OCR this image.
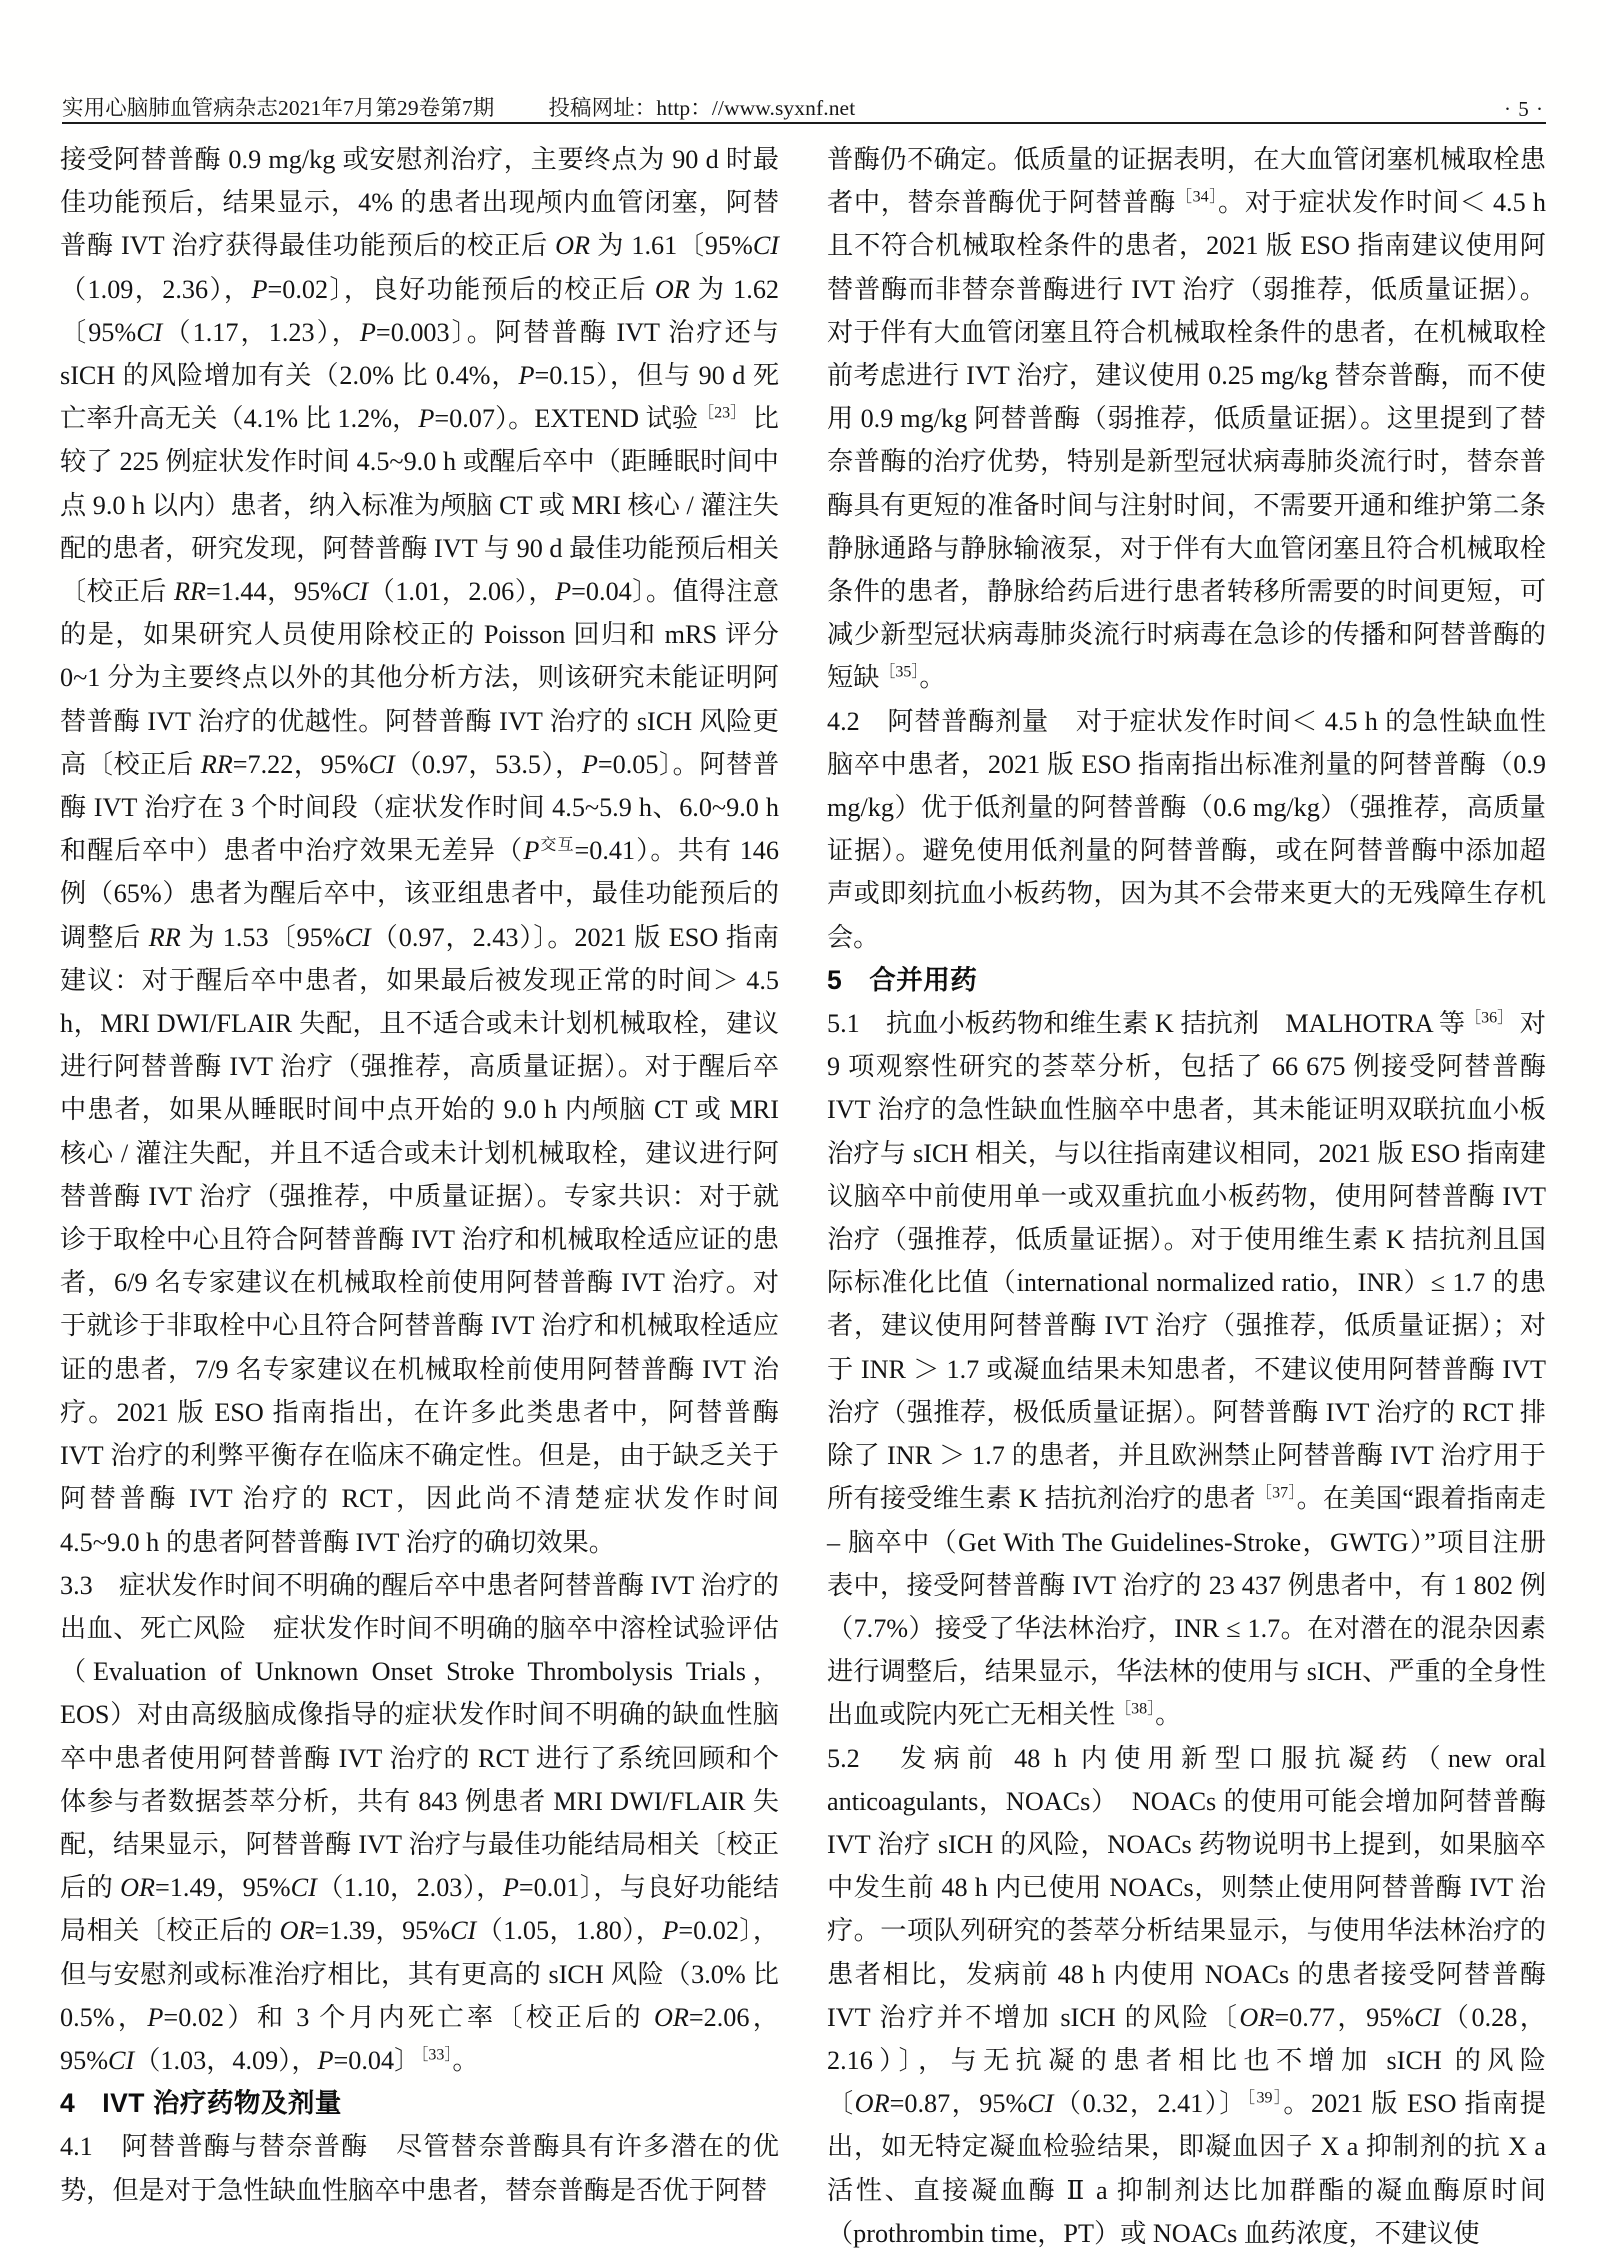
实用心脑肺血管病杂志2021年7月第29卷第7期	投稿网址：http：//www.syxnf.net	· 5 ·

接受阿替普酶 0.9 mg/kg 或安慰剂治疗，主要终点为 90 d 时最佳功能预后，结果显示，4% 的患者出现颅内血管闭塞，阿替普酶 IVT 治疗获得最佳功能预后的校正后 OR 为 1.61〔95%CI（1.09，2.36），P=0.02〕，良好功能预后的校正后 OR 为 1.62〔95%CI（1.17，1.23），P=0.003〕。阿替普酶 IVT 治疗还与 sICH 的风险增加有关（2.0% 比 0.4%，P=0.15），但与 90 d 死亡率升高无关（4.1% 比 1.2%，P=0.07）。EXTEND 试验$^{[23]}$ 比较了 225 例症状发作时间 4.5~9.0 h 或醒后卒中（距睡眠时间中点 9.0 h 以内）患者，纳入标准为颅脑 CT 或 MRI 核心 / 灌注失配的患者，研究发现，阿替普酶 IVT 与 90 d 最佳功能预后相关〔校正后 RR=1.44，95%CI（1.01，2.06），P=0.04〕。值得注意的是，如果研究人员使用除校正的 Poisson 回归和 mRS 评分 0~1 分为主要终点以外的其他分析方法，则该研究未能证明阿替普酶 IVT 治疗的优越性。阿替普酶 IVT 治疗的 sICH 风险更高〔校正后 RR=7.22，95%CI（0.97，53.5），P=0.05〕。阿替普酶 IVT 治疗在 3 个时间段（症状发作时间 4.5~5.9 h、6.0~9.0 h 和醒后卒中）患者中治疗效果无差异$(P^{交互}=0.41)$。共有 146 例（65%）患者为醒后卒中，该亚组患者中，最佳功能预后的调整后 RR 为 1.53〔95%CI（0.97，2.43）〕。2021 版 ESO 指南建议：对于醒后卒中患者，如果最后被发现正常的时间＞ 4.5 h，MRI DWI/FLAIR 失配，且不适合或未计划机械取栓，建议进行阿替普酶 IVT 治疗（强推荐，高质量证据）。对于醒后卒中患者，如果从睡眠时间中点开始的 9.0 h 内颅脑 CT 或 MRI 核心 / 灌注失配，并且不适合或未计划机械取栓，建议进行阿替普酶 IVT 治疗（强推荐，中质量证据）。专家共识：对于就诊于取栓中心且符合阿替普酶 IVT 治疗和机械取栓适应证的患者，6/9 名专家建议在机械取栓前使用阿替普酶 IVT 治疗。对于就诊于非取栓中心且符合阿替普酶 IVT 治疗和机械取栓适应证的患者，7/9 名专家建议在机械取栓前使用阿替普酶 IVT 治疗。2021 版 ESO 指南指出，在许多此类患者中，阿替普酶 IVT 治疗的利弊平衡存在临床不确定性。但是，由于缺乏关于阿替普酶 IVT 治疗的 RCT，因此尚不清楚症状发作时间 4.5~9.0 h 的患者阿替普酶 IVT 治疗的确切效果。

3.3　症状发作时间不明确的醒后卒中患者阿替普酶 IVT 治疗的出血、死亡风险　症状发作时间不明确的脑卒中溶栓试验评估（Evaluation of Unknown Onset Stroke Thrombolysis Trials，EOS）对由高级脑成像指导的症状发作时间不明确的缺血性脑卒中患者使用阿替普酶 IVT 治疗的 RCT 进行了系统回顾和个体参与者数据荟萃分析，共有 843 例患者 MRI DWI/FLAIR 失配，结果显示，阿替普酶 IVT 治疗与最佳功能结局相关〔校正后的 OR=1.49，95%CI（1.10，2.03），P=0.01〕，与良好功能结局相关〔校正后的 OR=1.39，95%CI（1.05，1.80），P=0.02〕，但与安慰剂或标准治疗相比，其有更高的 sICH 风险（3.0% 比 0.5%，P=0.02）和 3 个月内死亡率〔校正后的 OR=2.06，95%CI（1.03，4.09），P=0.04〕$^{[33]}$。

4　IVT 治疗药物及剂量

4.1　阿替普酶与替奈普酶　尽管替奈普酶具有许多潜在的优势，但是对于急性缺血性脑卒中患者，替奈普酶是否优于阿替

普酶仍不确定。低质量的证据表明，在大血管闭塞机械取栓患者中，替奈普酶优于阿替普酶$^{[34]}$。对于症状发作时间＜ 4.5 h 且不符合机械取栓条件的患者，2021 版 ESO 指南建议使用阿替普酶而非替奈普酶进行 IVT 治疗（弱推荐，低质量证据）。对于伴有大血管闭塞且符合机械取栓条件的患者，在机械取栓前考虑进行 IVT 治疗，建议使用 0.25 mg/kg 替奈普酶，而不使用 0.9 mg/kg 阿替普酶（弱推荐，低质量证据）。这里提到了替奈普酶的治疗优势，特别是新型冠状病毒肺炎流行时，替奈普酶具有更短的准备时间与注射时间，不需要开通和维护第二条静脉通路与静脉输液泵，对于伴有大血管闭塞且符合机械取栓条件的患者，静脉给药后进行患者转移所需要的时间更短，可减少新型冠状病毒肺炎流行时病毒在急诊的传播和阿替普酶的短缺$^{[35]}$。

4.2　阿替普酶剂量　对于症状发作时间＜ 4.5 h 的急性缺血性脑卒中患者，2021 版 ESO 指南指出标准剂量的阿替普酶（0.9 mg/kg）优于低剂量的阿替普酶（0.6 mg/kg）（强推荐，高质量证据）。避免使用低剂量的阿替普酶，或在阿替普酶中添加超声或即刻抗血小板药物，因为其不会带来更大的无残障生存机会。

5　合并用药

5.1　抗血小板药物和维生素 K 拮抗剂　MALHOTRA 等$^{[36]}$ 对 9 项观察性研究的荟萃分析，包括了 66 675 例接受阿替普酶 IVT 治疗的急性缺血性脑卒中患者，其未能证明双联抗血小板治疗与 sICH 相关，与以往指南建议相同，2021 版 ESO 指南建议脑卒中前使用单一或双重抗血小板药物，使用阿替普酶 IVT 治疗（强推荐，低质量证据）。对于使用维生素 K 拮抗剂且国际标准化比值（international normalized ratio，INR）≤ 1.7 的患者，建议使用阿替普酶 IVT 治疗（强推荐，低质量证据）；对于 INR ＞ 1.7 或凝血结果未知患者，不建议使用阿替普酶 IVT 治疗（强推荐，极低质量证据）。阿替普酶 IVT 治疗的 RCT 排除了 INR ＞ 1.7 的患者，并且欧洲禁止阿替普酶 IVT 治疗用于所有接受维生素 K 拮抗剂治疗的患者$^{[37]}$。在美国“跟着指南走 – 脑卒中（Get With The Guidelines-Stroke，GWTG）”项目注册表中，接受阿替普酶 IVT 治疗的 23 437 例患者中，有 1 802 例（7.7%）接受了华法林治疗，INR ≤ 1.7。在对潜在的混杂因素进行调整后，结果显示，华法林的使用与 sICH、严重的全身性出血或院内死亡无相关性$^{[38]}$。

5.2　发病前 48 h 内使用新型口服抗凝药（new oral anticoagulants，NOACs）　NOACs 的使用可能会增加阿替普酶 IVT 治疗 sICH 的风险，NOACs 药物说明书上提到，如果脑卒中发生前 48 h 内已使用 NOACs，则禁止使用阿替普酶 IVT 治疗。一项队列研究的荟萃分析结果显示，与使用华法林治疗的患者相比，发病前 48 h 内使用 NOACs 的患者接受阿替普酶 IVT 治疗并不增加 sICH 的风险〔OR=0.77，95%CI（0.28，2.16）〕，与无抗凝的患者相比也不增加 sICH 的风险〔OR=0.87，95%CI（0.32，2.41）〕$^{[39]}$。2021 版 ESO 指南提出，如无特定凝血检验结果，即凝血因子 X a 抑制剂的抗 X a 活性、直接凝血酶 Ⅱ a 抑制剂达比加群酯的凝血酶原时间（prothrombin time，PT）或 NOACs 血药浓度，不建议使
